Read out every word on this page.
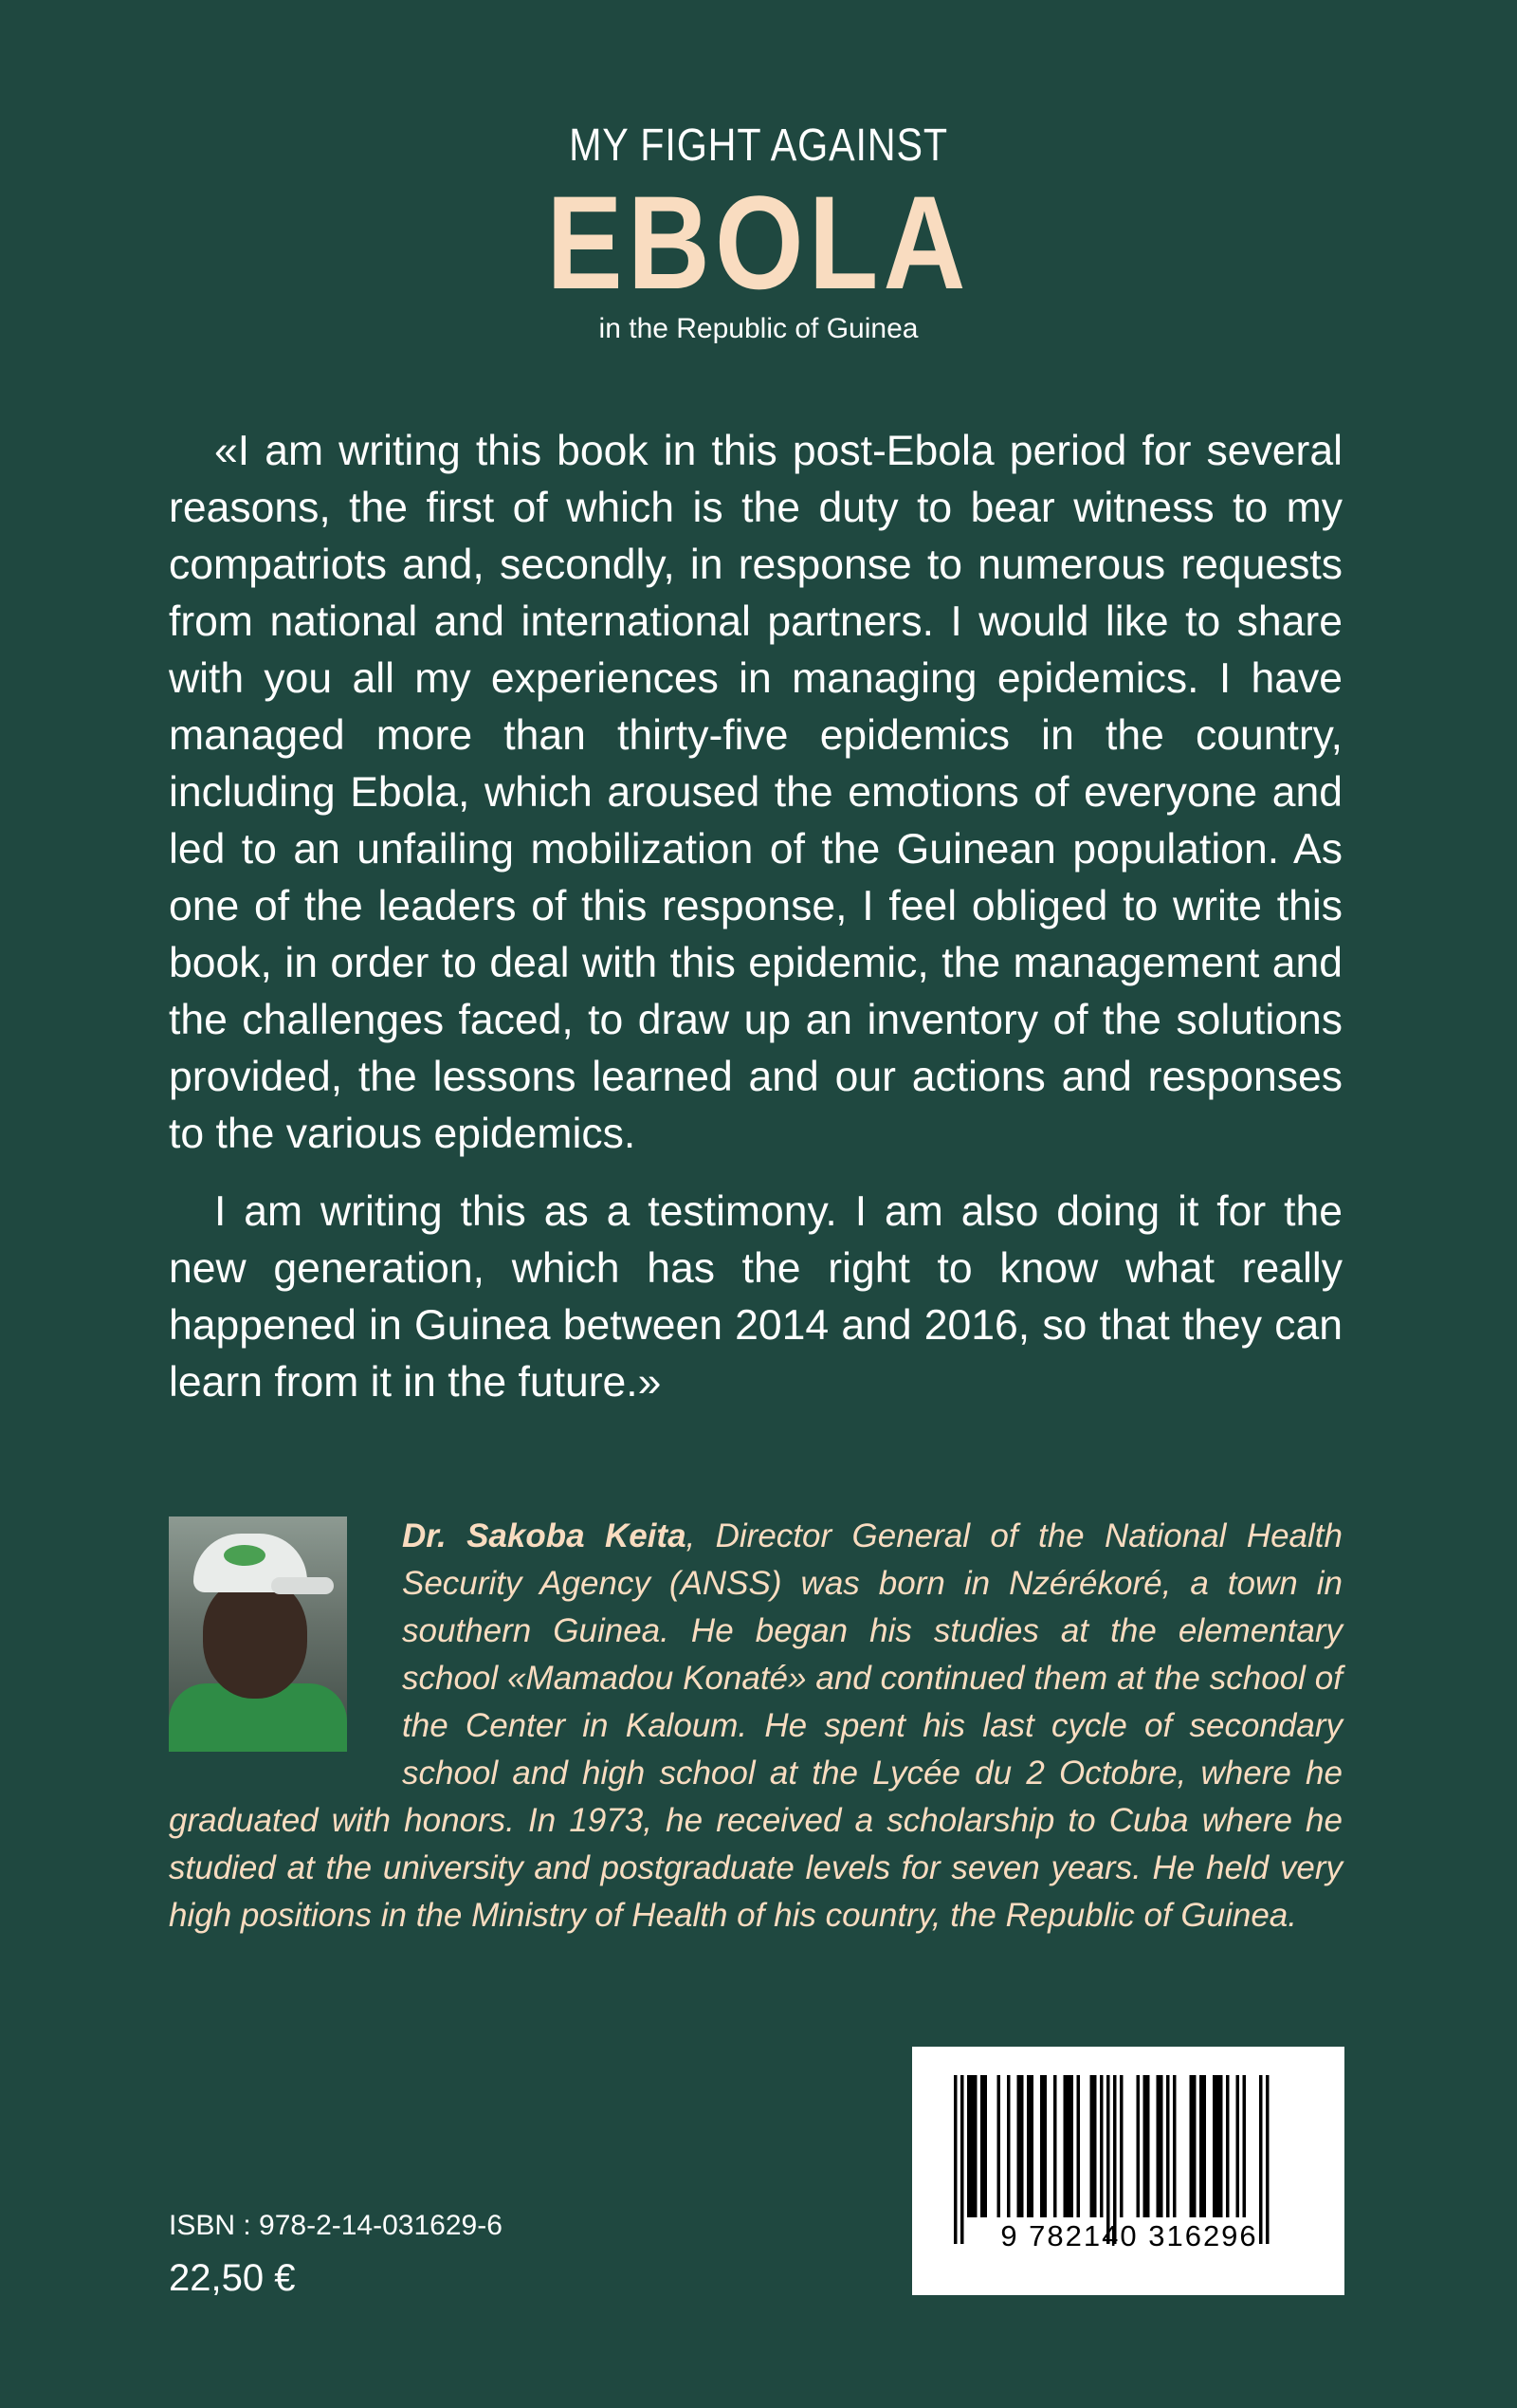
MY FIGHT AGAINST
EBOLA
in the Republic of Guinea

«I am writing this book in this post-Ebola period for several reasons, the first of which is the duty to bear witness to my compatriots and, secondly, in response to numerous requests from national and international partners. I would like to share with you all my experiences in managing epidemics. I have managed more than thirty-five epidemics in the country, including Ebola, which aroused the emotions of everyone and led to an unfailing mobilization of the Guinean population. As one of the leaders of this response, I feel obliged to write this book, in order to deal with this epidemic, the management and the challenges faced, to draw up an inventory of the solutions provided, the lessons learned and our actions and responses to the various epidemics.

I am writing this as a testimony. I am also doing it for the new generation, which has the right to know what really happened in Guinea between 2014 and 2016, so that they can learn from it in the future.»

Dr. Sakoba Keita, Director General of the National Health Security Agency (ANSS) was born in Nzérékoré, a town in southern Guinea. He began his studies at the elementary school «Mamadou Konaté» and continued them at the school of the Center in Kaloum. He spent his last cycle of secondary school and high school at the Lycée du 2 Octobre, where he graduated with honors. In 1973, he received a scholarship to Cuba where he studied at the university and postgraduate levels for seven years. He held very high positions in the Ministry of Health of his country, the Republic of Guinea.
9 782140 316296
ISBN : 978-2-14-031629-6
22,50 €
